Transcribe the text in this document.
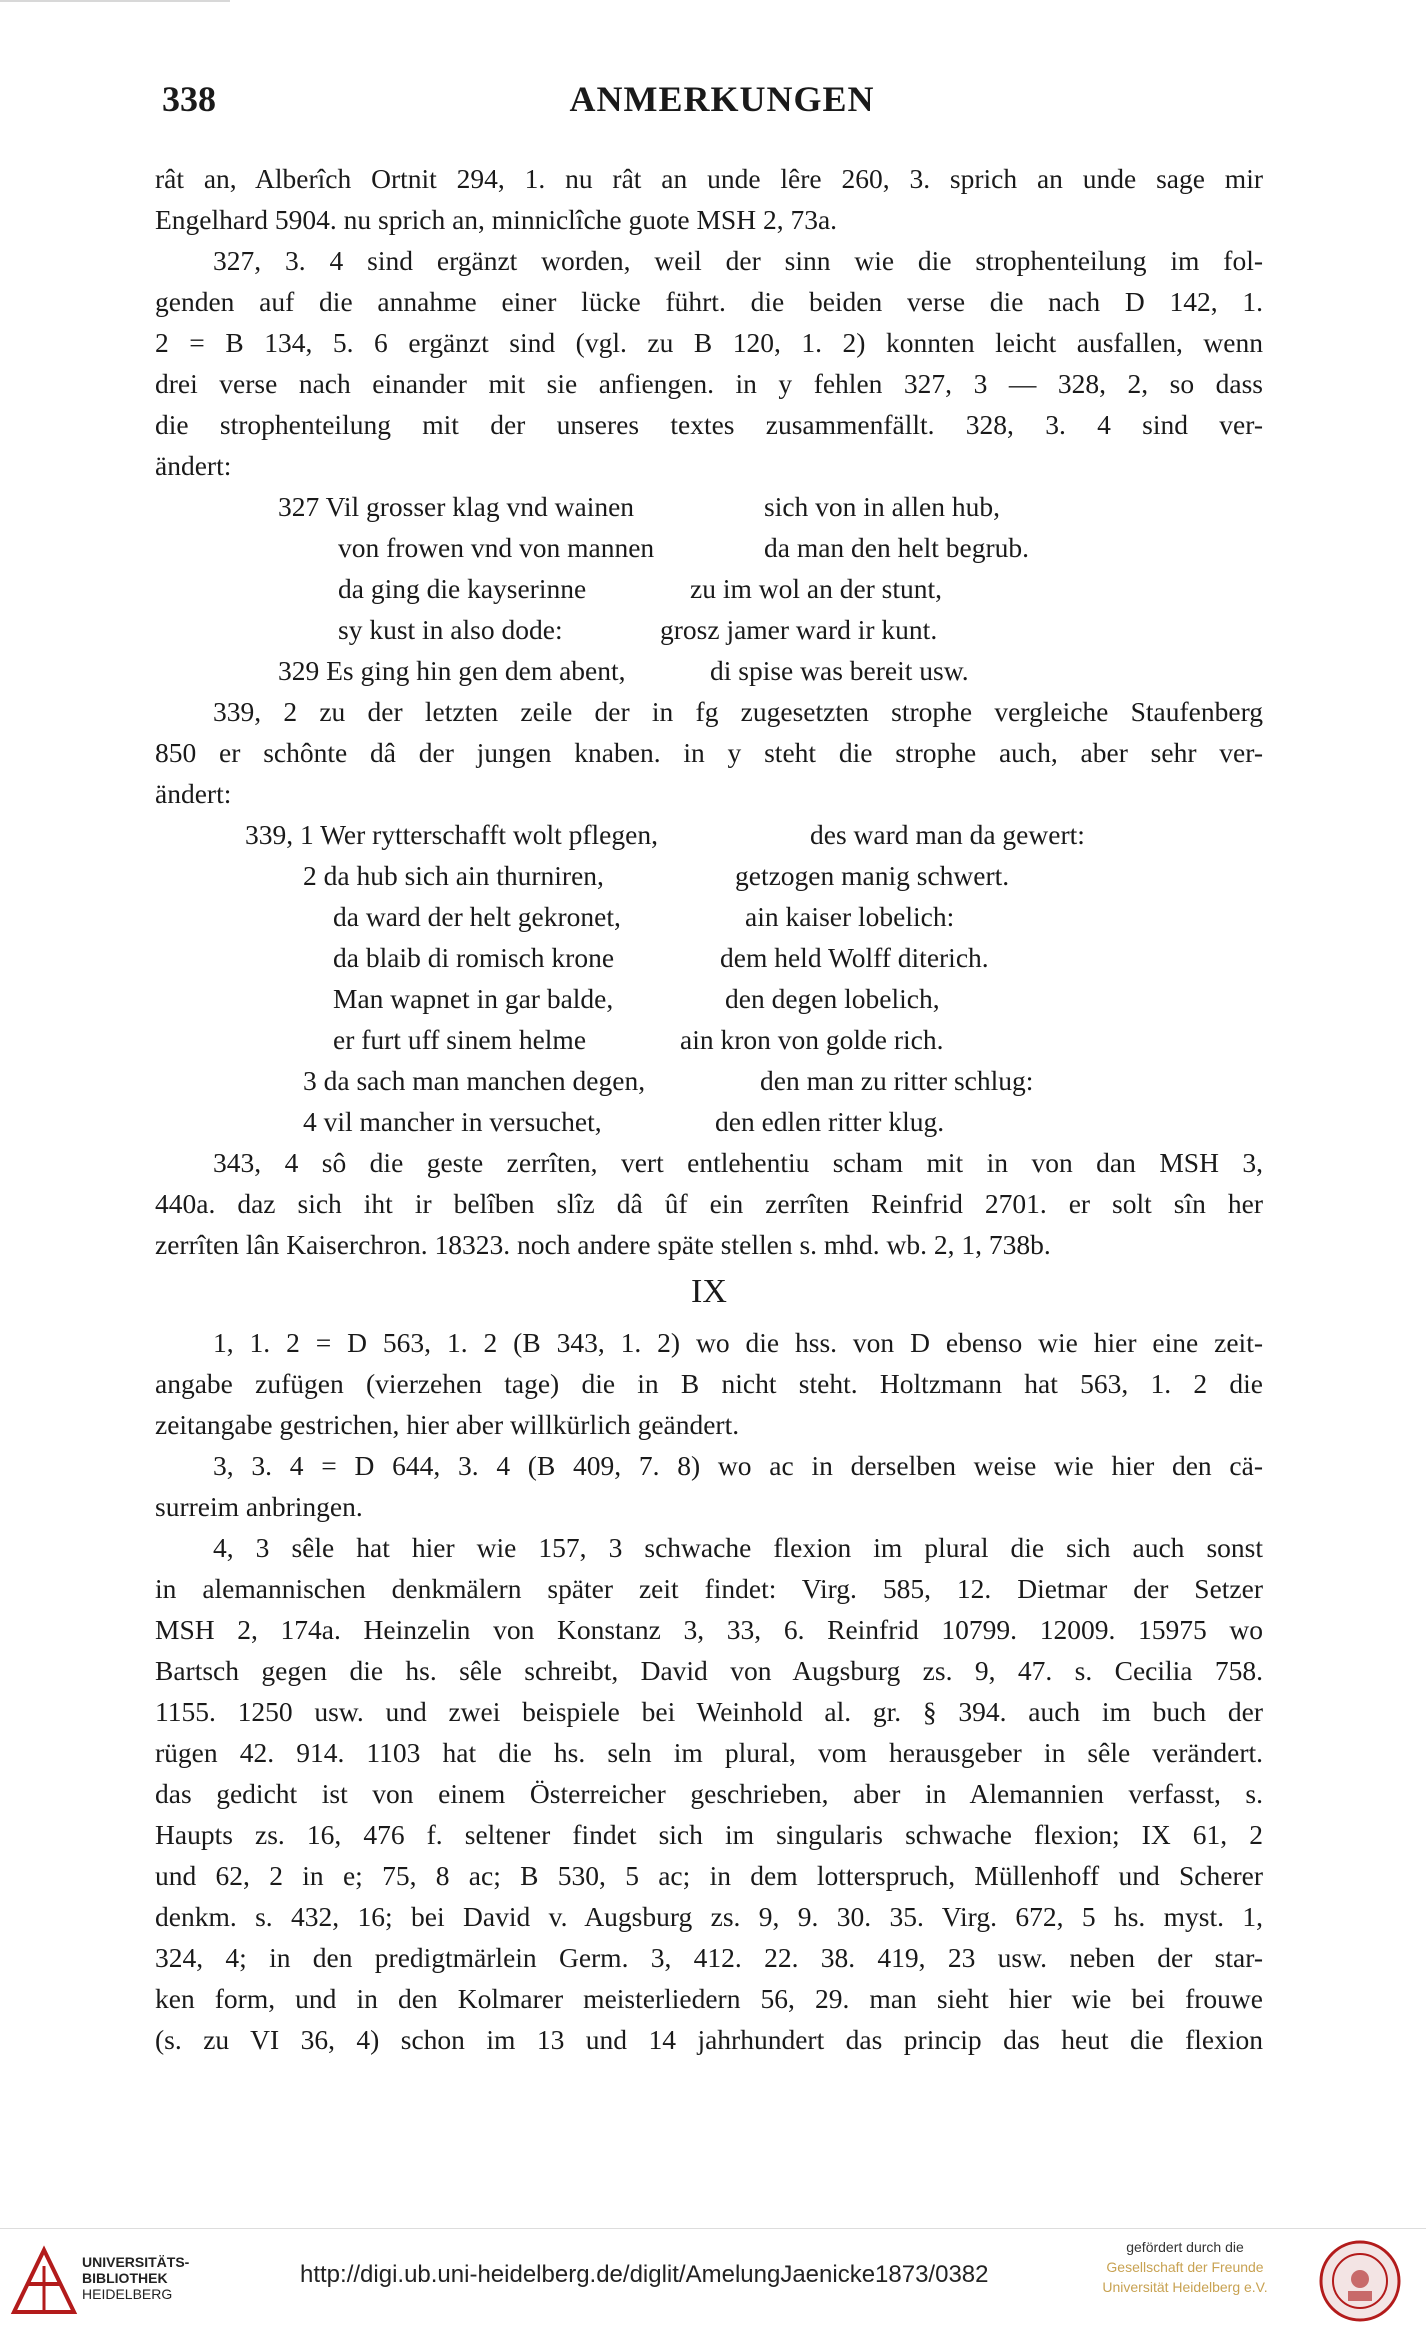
338	ANMERKUNGEN
rât an, Alberîch Ortnit 294, 1. nu rât an unde lêre 260, 3. sprich an unde sage mir
Engelhard 5904. nu sprich an, minniclîche guote MSH 2, 73a.
327, 3. 4 sind ergänzt worden, weil der sinn wie die strophenteilung im fol-
genden auf die annahme einer lücke führt. die beiden verse die nach D 142, 1.
2 = B 134, 5. 6 ergänzt sind (vgl. zu B 120, 1. 2) konnten leicht ausfallen, wenn
drei verse nach einander mit sie anfiengen. in y fehlen 327, 3 — 328, 2, so dass
die strophenteilung mit der unseres textes zusammenfällt. 328, 3. 4 sind ver-
ändert:
327 Vil grosser klag vnd wainen	sich von in allen hub,
von frowen vnd von mannen	da man den helt begrub.
da ging die kayserinne	zu im wol an der stunt,
sy kust in also dode:	grosz jamer ward ir kunt.
329 Es ging hin gen dem abent,	di spise was bereit usw.
339, 2 zu der letzten zeile der in fg zugesetzten strophe vergleiche Staufenberg
850 er schônte dâ der jungen knaben. in y steht die strophe auch, aber sehr ver-
ändert:
339, 1 Wer rytterschafft wolt pflegen,	des ward man da gewert:
2 da hub sich ain thurniren,	getzogen manig schwert.
da ward der helt gekronet,	ain kaiser lobelich:
da blaib di romisch krone	dem held Wolff diterich.
Man wapnet in gar balde,	den degen lobelich,
er furt uff sinem helme	ain kron von golde rich.
3 da sach man manchen degen,	den man zu ritter schlug:
4 vil mancher in versuchet,	den edlen ritter klug.
343, 4 sô die geste zerrîten, vert entlehentiu scham mit in von dan MSH 3,
440a. daz sich iht ir belîben slîz dâ ûf ein zerrîten Reinfrid 2701. er solt sîn her
zerrîten lân Kaiserchron. 18323. noch andere späte stellen s. mhd. wb. 2, 1, 738b.
IX
1, 1. 2 = D 563, 1. 2 (B 343, 1. 2) wo die hss. von D ebenso wie hier eine zeit-
angabe zufügen (vierzehen tage) die in B nicht steht. Holtzmann hat 563, 1. 2 die
zeitangabe gestrichen, hier aber willkürlich geändert.
3, 3. 4 = D 644, 3. 4 (B 409, 7. 8) wo ac in derselben weise wie hier den cä-
surreim anbringen.
4, 3 sêle hat hier wie 157, 3 schwache flexion im plural die sich auch sonst
in alemannischen denkmälern später zeit findet: Virg. 585, 12. Dietmar der Setzer
MSH 2, 174a. Heinzelin von Konstanz 3, 33, 6. Reinfrid 10799. 12009. 15975 wo
Bartsch gegen die hs. sêle schreibt, David von Augsburg zs. 9, 47. s. Cecilia 758.
1155. 1250 usw. und zwei beispiele bei Weinhold al. gr. § 394. auch im buch der
rügen 42. 914. 1103 hat die hs. seln im plural, vom herausgeber in sêle verändert.
das gedicht ist von einem Österreicher geschrieben, aber in Alemannien verfasst, s.
Haupts zs. 16, 476 f. seltener findet sich im singularis schwache flexion; IX 61, 2
und 62, 2 in e; 75, 8 ac; B 530, 5 ac; in dem lotterspruch, Müllenhoff und Scherer
denkm. s. 432, 16; bei David v. Augsburg zs. 9, 9. 30. 35. Virg. 672, 5 hs. myst. 1,
324, 4; in den predigtmärlein Germ. 3, 412. 22. 38. 419, 23 usw. neben der star-
ken form, und in den Kolmarer meisterliedern 56, 29. man sieht hier wie bei frouwe
(s. zu VI 36, 4) schon im 13 und 14 jahrhundert das princip das heut die flexion
UNIVERSITÄTS-
BIBLIOTHEK
HEIDELBERG
http://digi.ub.uni-heidelberg.de/diglit/AmelungJaenicke1873/0382
gefördert durch die
Gesellschaft der Freunde
Universität Heidelberg e.V.
